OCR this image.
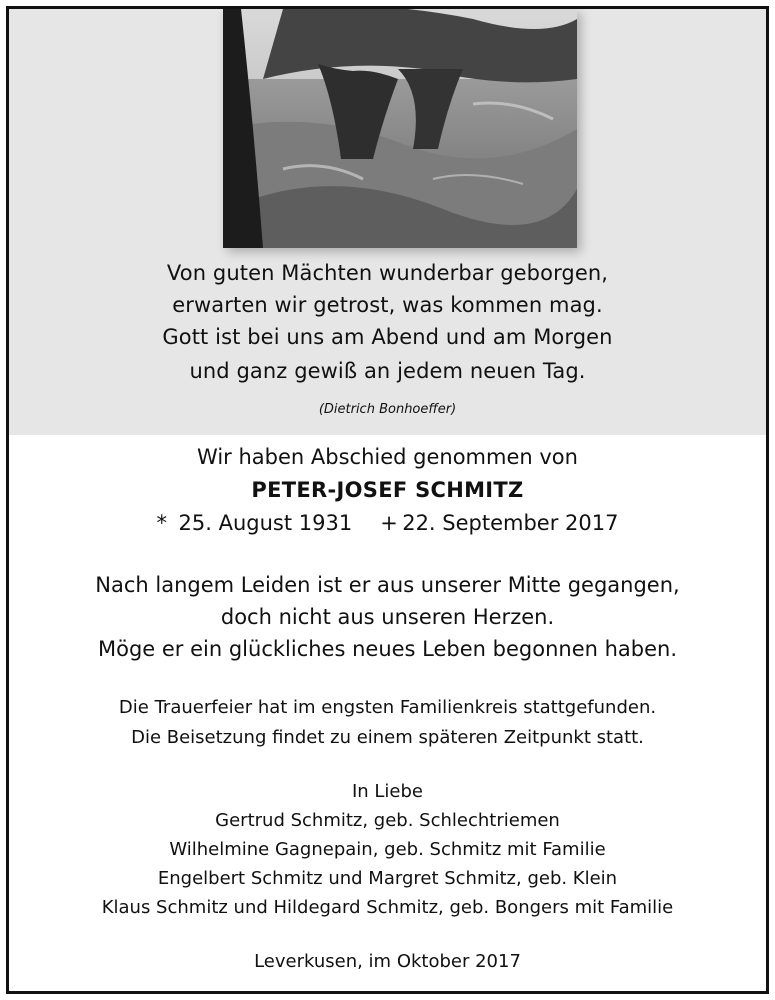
Von guten Mächten wunderbar geborgen,
erwarten wir getrost, was kommen mag.
Gott ist bei uns am Abend und am Morgen
und ganz gewiß an jedem neuen Tag.
(Dietrich Bonhoeffer)
Wir haben Abschied genommen von
PETER-JOSEF SCHMITZ
* 25. August 1931 + 22. September 2017
Nach langem Leiden ist er aus unserer Mitte gegangen,
doch nicht aus unseren Herzen.
Möge er ein glückliches neues Leben begonnen haben.
Die Trauerfeier hat im engsten Familienkreis stattgefunden.
Die Beisetzung findet zu einem späteren Zeitpunkt statt.
In Liebe
Gertrud Schmitz, geb. Schlechtriemen
Wilhelmine Gagnepain, geb. Schmitz mit Familie
Engelbert Schmitz und Margret Schmitz, geb. Klein
Klaus Schmitz und Hildegard Schmitz, geb. Bongers mit Familie
Leverkusen, im Oktober 2017
